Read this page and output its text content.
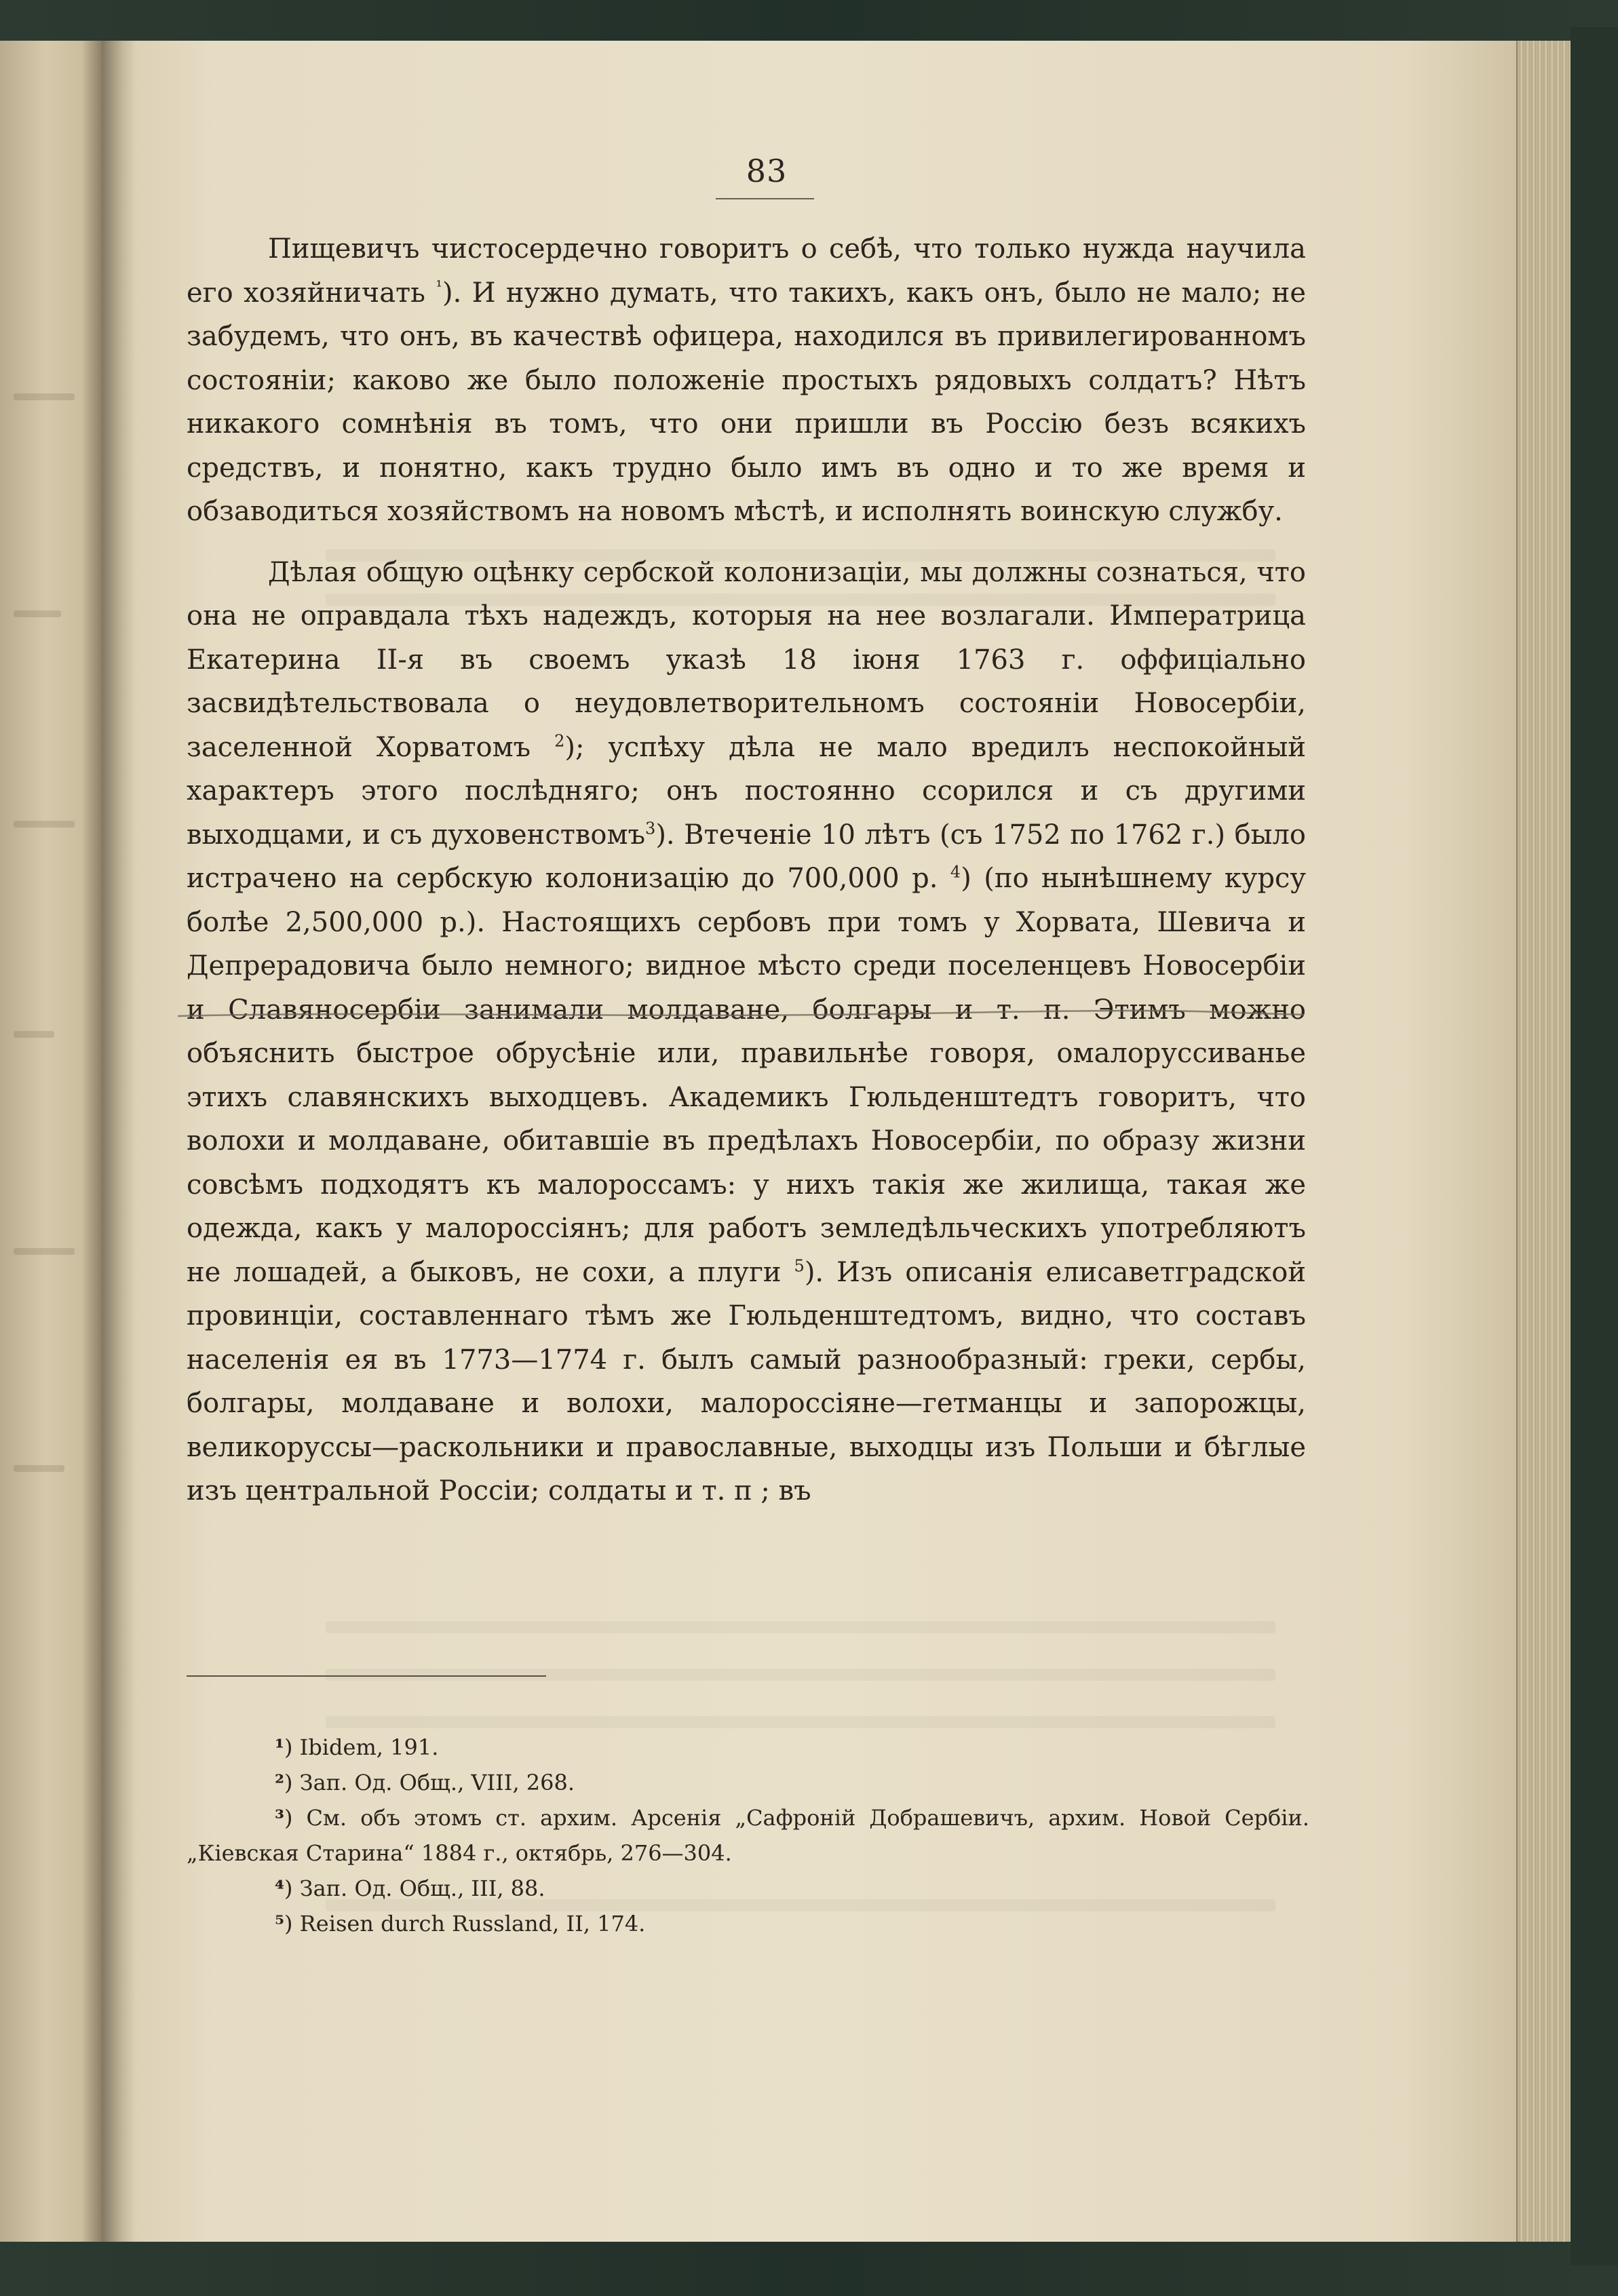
83

Пищевичъ чистосердечно говоритъ о себѣ, что только нужда научила его хозяйничать $^{^1}$). И нужно думать, что такихъ, какъ онъ, было не мало; не забудемъ, что онъ, въ качествѣ офицера, находился въ привилегированномъ состояніи; каково же было положеніе простыхъ рядовыхъ солдатъ? Нѣтъ никакого сомнѣнія въ томъ, что они пришли въ Россію безъ всякихъ средствъ, и понятно, какъ трудно было имъ въ одно и то же время и обзаводиться хозяйствомъ на новомъ мѣстѣ, и исполнять воинскую службу.

Дѣлая общую оцѣнку сербской колонизаціи, мы должны сознаться, что она не оправдала тѣхъ надеждъ, которыя на нее возлагали. Императрица Екатерина II-я въ своемъ указѣ 18 іюня 1763 г. оффиціально засвидѣтельствовала о неудовлетворительномъ состояніи Новосербіи, заселенной Хорватомъ $^2$); успѣху дѣла не мало вредилъ неспокойный характеръ этого послѣдняго; онъ постоянно ссорился и съ другими выходцами, и съ духовенствомъ$^3$). Втеченіе 10 лѣтъ (съ 1752 по 1762 г.) было истрачено на сербскую колонизацію до 700,000 р. $^4$) (по нынѣшнему курсу болѣе 2,500,000 р.). Настоящихъ сербовъ при томъ у Хорвата, Шевича и Депрерадовича было немного; видное мѣсто среди поселенцевъ Новосербіи и Славяносербіи занимали молдаване, болгары и т. п. Этимъ можно объяснить быстрое обрусѣніе или, правильнѣе говоря, омалоруссиванье этихъ славянскихъ выходцевъ. Академикъ Гюльденштедтъ говоритъ, что волохи и молдаване, обитавшіе въ предѣлахъ Новосербіи, по образу жизни совсѣмъ подходятъ къ малороссамъ: у нихъ такія же жилища, такая же одежда, какъ у малороссіянъ; для работъ земледѣльческихъ употребляютъ не лошадей, а быковъ, не сохи, а плуги $^5$). Изъ описанія елисаветградской провинціи, составленнаго тѣмъ же Гюльденштедтомъ, видно, что составъ населенія ея въ 1773—1774 г. былъ самый разнообразный: греки, сербы, болгары, молдаване и волохи, малороссіяне—гетманцы и запорожцы, великоруссы—раскольники и православные, выходцы изъ Польши и бѣглые изъ центральной Россіи; солдаты и т. п ; въ

¹) Ibidem, 191.

²) Зап. Од. Общ., VIII, 268.

³) См. объ этомъ ст. архим. Арсенія „Сафроній Добрашевичъ, архим. Новой Сербіи. „Кіевская Старина“ 1884 г., октябрь, 276—304.

⁴) Зап. Од. Общ., III, 88.

⁵) Reisen durch Russland, II, 174.
